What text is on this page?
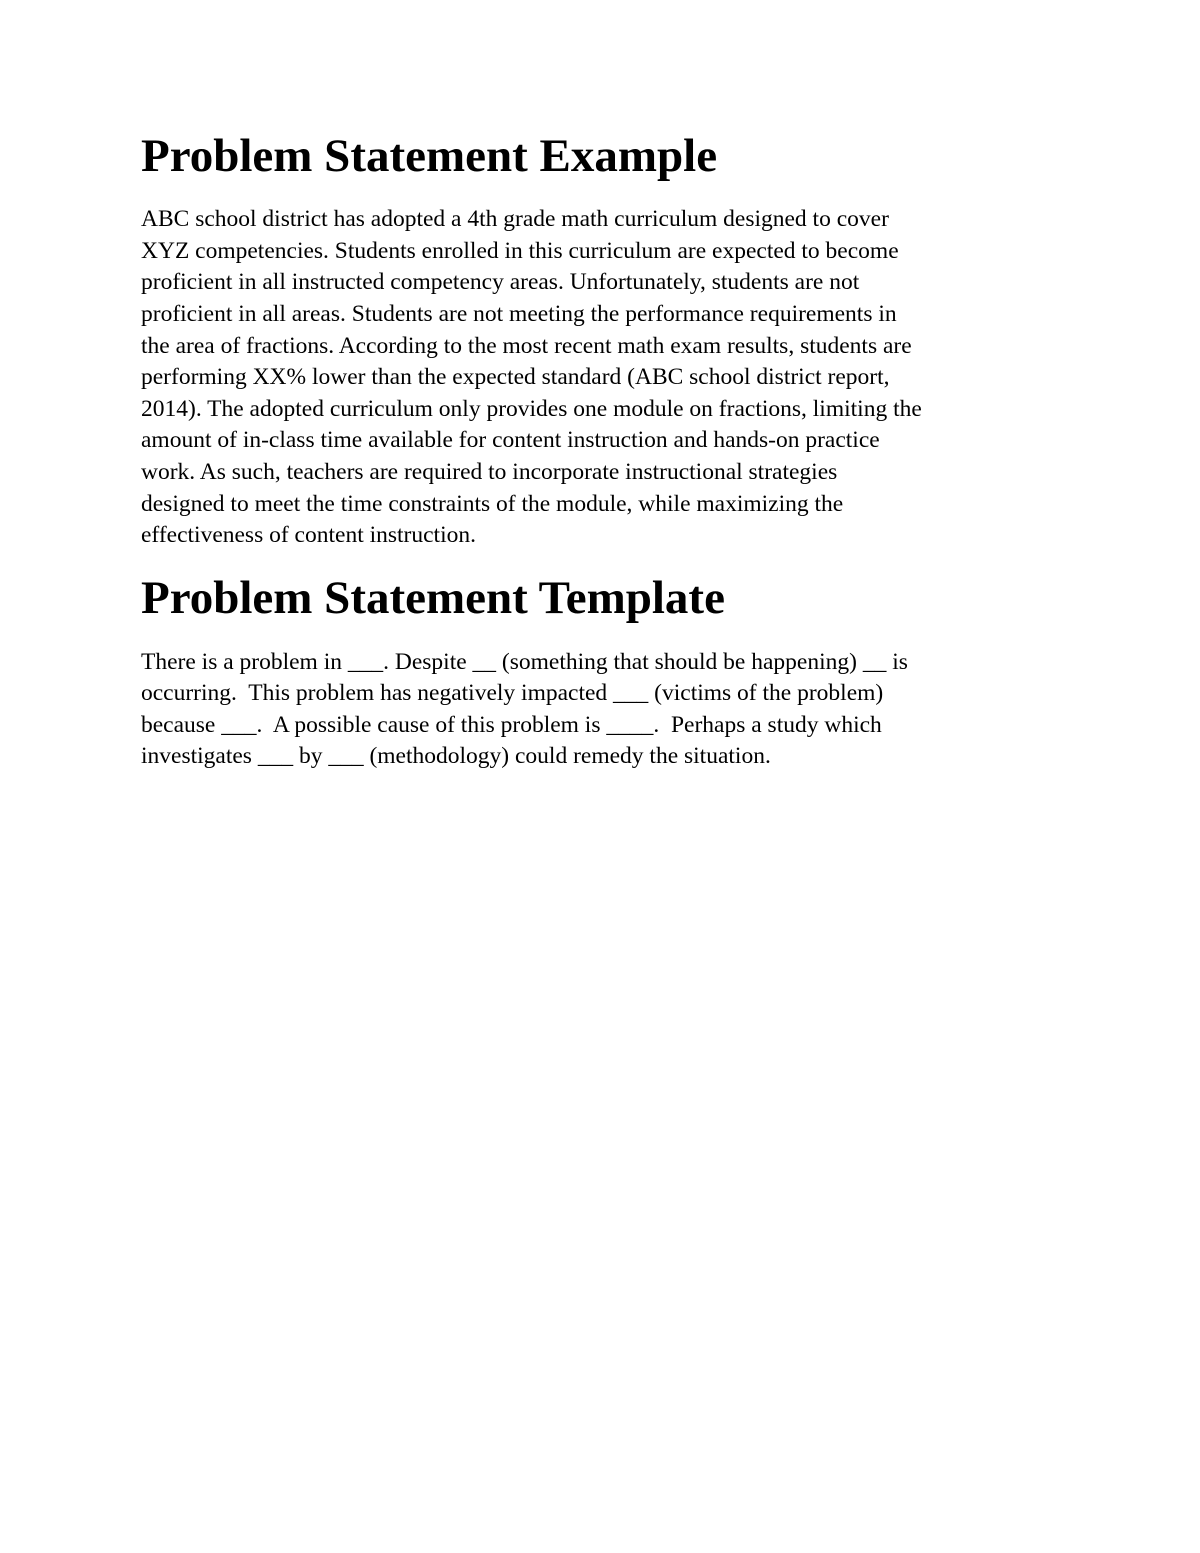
Problem Statement Example

ABC school district has adopted a 4th grade math curriculum designed to cover
XYZ competencies. Students enrolled in this curriculum are expected to become
proficient in all instructed competency areas. Unfortunately, students are not
proficient in all areas. Students are not meeting the performance requirements in
the area of fractions. According to the most recent math exam results, students are
performing XX% lower than the expected standard (ABC school district report,
2014). The adopted curriculum only provides one module on fractions, limiting the
amount of in-class time available for content instruction and hands-on practice
work. As such, teachers are required to incorporate instructional strategies
designed to meet the time constraints of the module, while maximizing the
effectiveness of content instruction.

Problem Statement Template

There is a problem in ___. Despite __ (something that should be happening) __ is
occurring.  This problem has negatively impacted ___ (victims of the problem)
because ___.  A possible cause of this problem is ____.  Perhaps a study which
investigates ___ by ___ (methodology) could remedy the situation.
